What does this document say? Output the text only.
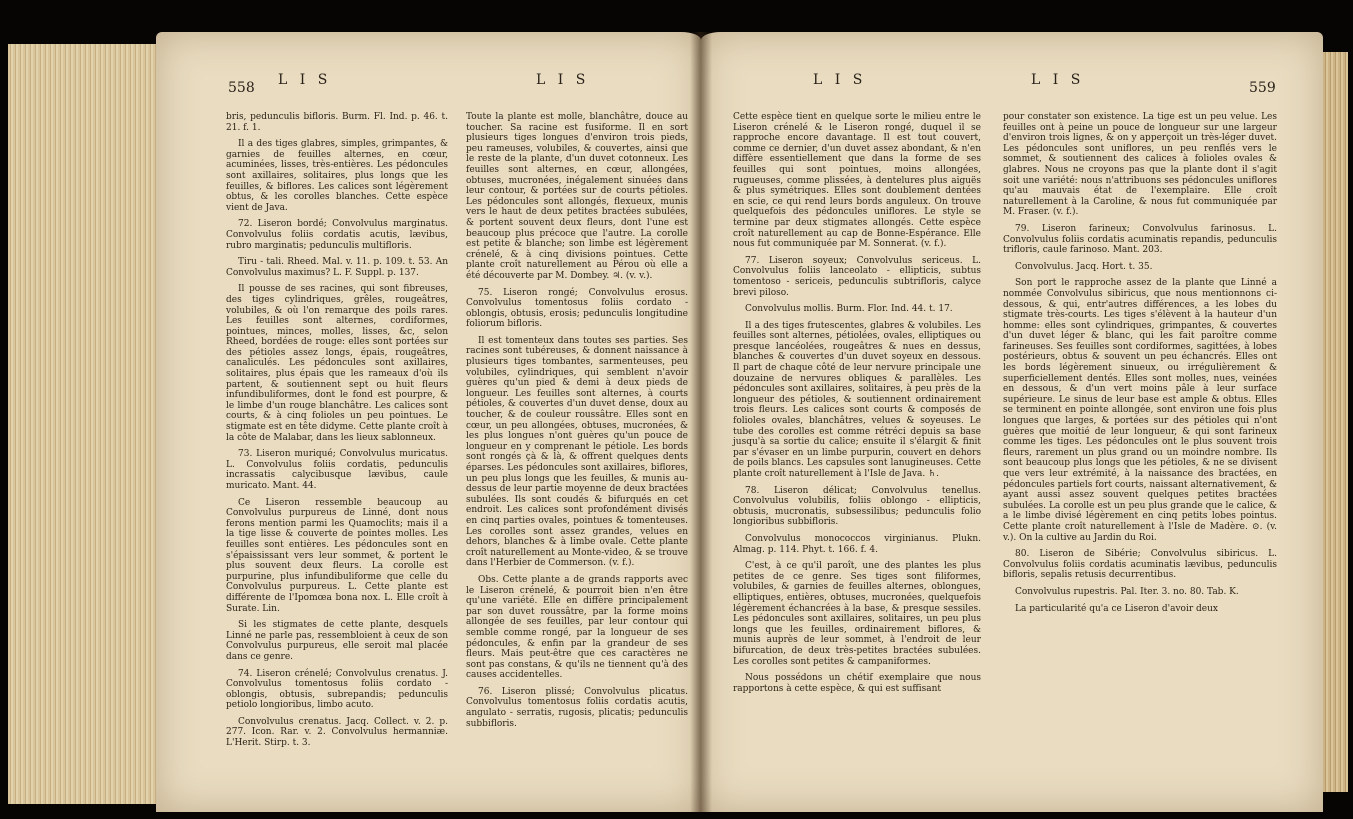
558 L I S	L I S

bris, pedunculis bifloris. Burm. Fl. Ind. p. 46. t. 21. f. 1.

Il a des tiges glabres, simples, grimpantes, & garnies de feuilles alternes, en cœur, acuminées, lisses, très-entières. Les pédoncules sont axillaires, solitaires, plus longs que les feuilles, & biflores. Les calices sont légèrement obtus, & les corolles blanches. Cette espèce vient de Java.

72. Liseron bordé; Convolvulus marginatus. Convolvulus foliis cordatis acutis, lævibus, rubro marginatis; pedunculis multifloris.

Tiru - tali. Rheed. Mal. v. 11. p. 109. t. 53. An Convolvulus maximus? L. F. Suppl. p. 137.

Il pousse de ses racines, qui sont fibreuses, des tiges cylindriques, grêles, rougeâtres, volubiles, & où l'on remarque des poils rares. Les feuilles sont alternes, cordiformes, pointues, minces, molles, lisses, &c, selon Rheed, bordées de rouge: elles sont portées sur des pétioles assez longs, épais, rougeâtres, canaliculés. Les pédoncules sont axillaires, solitaires, plus épais que les rameaux d'où ils partent, & soutiennent sept ou huit fleurs infundibuliformes, dont le fond est pourpre, & le limbe d'un rouge blanchâtre. Les calices sont courts, & à cinq folioles un peu pointues. Le stigmate est en tête didyme. Cette plante croît à la côte de Malabar, dans les lieux sablonneux.

73. Liseron muriqué; Convolvulus muricatus. L. Convolvulus foliis cordatis, pedunculis incrassatis calycibusque lævibus, caule muricato. Mant. 44.

Ce Liseron ressemble beaucoup au Convolvulus purpureus de Linné, dont nous ferons mention parmi les Quamoclits; mais il a la tige lisse & couverte de pointes molles. Les feuilles sont entières. Les pédoncules sont en s'épaississant vers leur sommet, & portent le plus souvent deux fleurs. La corolle est purpurine, plus infundibuliforme que celle du Convolvulus purpureus. L. Cette plante est différente de l'Ipomœa bona nox. L. Elle croît à Surate. Lin.

Si les stigmates de cette plante, desquels Linné ne parle pas, ressembloient à ceux de son Convolvulus purpureus, elle seroit mal placée dans ce genre.

74. Liseron crénelé; Convolvulus crenatus. J. Convolvulus tomentosus foliis cordato - oblongis, obtusis, subrepandis; pedunculis petiolo longioribus, limbo acuto.

Convolvulus crenatus. Jacq. Collect. v. 2. p. 277. Icon. Rar. v. 2. Convolvulus hermanniæ. L'Herit. Stirp. t. 3.

Toute la plante est molle, blanchâtre, douce au toucher. Sa racine est fusiforme. Il en sort plusieurs tiges longues d'environ trois pieds, peu rameuses, volubiles, & couvertes, ainsi que le reste de la plante, d'un duvet cotonneux. Les feuilles sont alternes, en cœur, allongées, obtuses, mucronées, inégalement sinuées dans leur contour, & portées sur de courts pétioles. Les pédoncules sont allongés, flexueux, munis vers le haut de deux petites bractées subulées, & portent souvent deux fleurs, dont l'une est beaucoup plus précoce que l'autre. La corolle est petite & blanche; son limbe est légèrement crénelé, & à cinq divisions pointues. Cette plante croît naturellement au Pérou où elle a été découverte par M. Dombey. ♃. (v. v.).

75. Liseron rongé; Convolvulus erosus. Convolvulus tomentosus foliis cordato - oblongis, obtusis, erosis; pedunculis longitudine foliorum bifloris.

Il est tomenteux dans toutes ses parties. Ses racines sont tubéreuses, & donnent naissance à plusieurs tiges tombantes, sarmenteuses, peu volubiles, cylindriques, qui semblent n'avoir guères qu'un pied & demi à deux pieds de longueur. Les feuilles sont alternes, à courts pétioles, & couvertes d'un duvet dense, doux au toucher, & de couleur roussâtre. Elles sont en cœur, un peu allongées, obtuses, mucronées, & les plus longues n'ont guères qu'un pouce de longueur en y comprenant le pétiole. Les bords sont rongés çà & là, & offrent quelques dents éparses. Les pédoncules sont axillaires, biflores, un peu plus longs que les feuilles, & munis au-dessus de leur partie moyenne de deux bractées subulées. Ils sont coudés & bifurqués en cet endroit. Les calices sont profondément divisés en cinq parties ovales, pointues & tomenteuses. Les corolles sont assez grandes, velues en dehors, blanches & à limbe ovale. Cette plante croît naturellement au Monte-video, & se trouve dans l'Herbier de Commerson. (v. f.).

Obs. Cette plante a de grands rapports avec le Liseron crénelé, & pourroit bien n'en être qu'une variété. Elle en diffère principalement par son duvet roussâtre, par la forme moins allongée de ses feuilles, par leur contour qui semble comme rongé, par la longueur de ses pédoncules, & enfin par la grandeur de ses fleurs. Mais peut-être que ces caractères ne sont pas constans, & qu'ils ne tiennent qu'à des causes accidentelles.

76. Liseron plissé; Convolvulus plicatus. Convolvulus tomentosus foliis cordatis acutis, angulato - serratis, rugosis, plicatis; pedunculis subbifloris.

L I S	L I S	559

Cette espèce tient en quelque sorte le milieu entre le Liseron crénelé & le Liseron rongé, duquel il se rapproche encore davantage. Il est tout couvert, comme ce dernier, d'un duvet assez abondant, & n'en diffère essentiellement que dans la forme de ses feuilles qui sont pointues, moins allongées, rugueuses, comme plissées, à dentelures plus aiguës & plus symétriques. Elles sont doublement dentées en scie, ce qui rend leurs bords anguleux. On trouve quelquefois des pédoncules uniflores. Le style se termine par deux stigmates allongés. Cette espèce croît naturellement au cap de Bonne-Espérance. Elle nous fut communiquée par M. Sonnerat. (v. f.).

77. Liseron soyeux; Convolvulus sericeus. L. Convolvulus foliis lanceolato - ellipticis, subtus tomentoso - sericeis, pedunculis subtrifloris, calyce brevi piloso.

Convolvulus mollis. Burm. Flor. Ind. 44. t. 17.

Il a des tiges frutescentes, glabres & volubiles. Les feuilles sont alternes, pétiolées, ovales, elliptiques ou presque lancéolées, rougeâtres & nues en dessus, blanches & couvertes d'un duvet soyeux en dessous. Il part de chaque côté de leur nervure principale une douzaine de nervures obliques & parallèles. Les pédoncules sont axillaires, solitaires, à peu près de la longueur des pétioles, & soutiennent ordinairement trois fleurs. Les calices sont courts & composés de folioles ovales, blanchâtres, velues & soyeuses. Le tube des corolles est comme rétréci depuis sa base jusqu'à sa sortie du calice; ensuite il s'élargit & finit par s'évaser en un limbe purpurin, couvert en dehors de poils blancs. Les capsules sont lanugineuses. Cette plante croît naturellement à l'Isle de Java. ♄.

78. Liseron délicat; Convolvulus tenellus. Convolvulus volubilis, foliis oblongo - ellipticis, obtusis, mucronatis, subsessilibus; pedunculis folio longioribus subbifloris.

Convolvulus monococcos virginianus. Plukn. Almag. p. 114. Phyt. t. 166. f. 4.

C'est, à ce qu'il paroît, une des plantes les plus petites de ce genre. Ses tiges sont filiformes, volubiles, & garnies de feuilles alternes, oblongues, elliptiques, entières, obtuses, mucronées, quelquefois légèrement échancrées à la base, & presque sessiles. Les pédoncules sont axillaires, solitaires, un peu plus longs que les feuilles, ordinairement biflores, & munis auprès de leur sommet, à l'endroit de leur bifurcation, de deux très-petites bractées subulées. Les corolles sont petites & campaniformes.

Nous possédons un chétif exemplaire que nous rapportons à cette espèce, & qui est suffisant

pour constater son existence. La tige est un peu velue. Les feuilles ont à peine un pouce de longueur sur une largeur d'environ trois lignes, & on y apperçoit un très-léger duvet. Les pédoncules sont uniflores, un peu renflés vers le sommet, & soutiennent des calices à folioles ovales & glabres. Nous ne croyons pas que la plante dont il s'agit soit une variété: nous n'attribuons ses pédoncules uniflores qu'au mauvais état de l'exemplaire. Elle croît naturellement à la Caroline, & nous fut communiquée par M. Fraser. (v. f.).

79. Liseron farineux; Convolvulus farinosus. L. Convolvulus foliis cordatis acuminatis repandis, pedunculis trifloris, caule farinoso. Mant. 203.

Convolvulus. Jacq. Hort. t. 35.

Son port le rapproche assez de la plante que Linné a nommée Convolvulus sibiricus, que nous mentionnons ci-dessous, & qui, entr'autres différences, a les lobes du stigmate très-courts. Les tiges s'élèvent à la hauteur d'un homme: elles sont cylindriques, grimpantes, & couvertes d'un duvet léger & blanc, qui les fait paroître comme farineuses. Ses feuilles sont cordiformes, sagittées, à lobes postérieurs, obtus & souvent un peu échancrés. Elles ont les bords légèrement sinueux, ou irrégulièrement & superficiellement dentés. Elles sont molles, nues, veinées en dessous, & d'un vert moins pâle à leur surface supérieure. Le sinus de leur base est ample & obtus. Elles se terminent en pointe allongée, sont environ une fois plus longues que larges, & portées sur des pétioles qui n'ont guères que moitié de leur longueur, & qui sont farineux comme les tiges. Les pédoncules ont le plus souvent trois fleurs, rarement un plus grand ou un moindre nombre. Ils sont beaucoup plus longs que les pétioles, & ne se divisent que vers leur extrémité, à la naissance des bractées, en pédoncules partiels fort courts, naissant alternativement, & ayant aussi assez souvent quelques petites bractées subulées. La corolle est un peu plus grande que le calice, & a le limbe divisé légèrement en cinq petits lobes pointus. Cette plante croît naturellement à l'Isle de Madère. ⊙. (v. v.). On la cultive au Jardin du Roi.

80. Liseron de Sibérie; Convolvulus sibiricus. L. Convolvulus foliis cordatis acuminatis lævibus, pedunculis bifloris, sepalis retusis decurrentibus.

Convolvulus rupestris. Pal. Iter. 3. no. 80. Tab. K.

La particularité qu'a ce Liseron d'avoir deux
